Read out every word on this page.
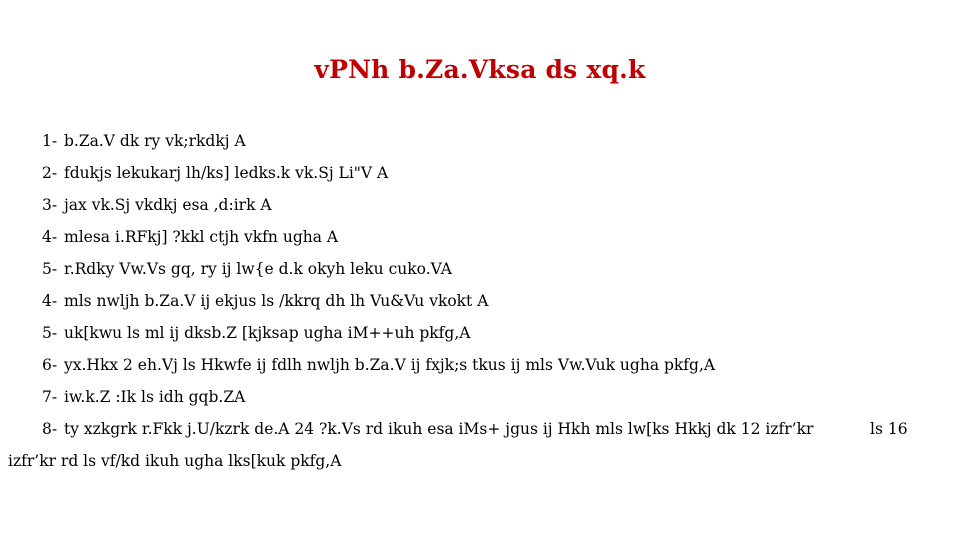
vPNh b.Za.Vksa ds xq.k
1- b.Za.V dk ry vk;rkdkj A
2- fdukjs lekukarj lh/ks] ledks.k vk.Sj Li"V A
3- jax vk.Sj vkdkj esa ,d:irk A
4- mlesa i.RFkj] ?kkl ctjh vkfn ugha A
5- r.Rdky Vw.Vs gq, ry ij lw{e d.k okyh leku cuko.VA
4- mls nwljh b.Za.V ij ekjus ls /kkrq dh lh Vu&Vu vkokt A
5- uk[kwu ls ml ij dksb.Z [kjksap ugha iM++uh pkfg,A
6- yx.Hkx 2 eh.Vj ls Hkwfe ij fdlh nwljh b.Za.V ij fxjk;s tkus ij mls Vw.Vuk ugha pkfg,A
7- iw.k.Z :Ik ls idh gqb.ZA
8- ty xzkgrk r.Fkk j.U/kzrk de.A 24 ?k.Vs rd ikuh esa iMs+ jgus ij Hkh mls lw[ks Hkkj dk 12 izfr’kr	ls 16
izfr’kr rd ls vf/kd ikuh ugha lks[kuk pkfg,A
